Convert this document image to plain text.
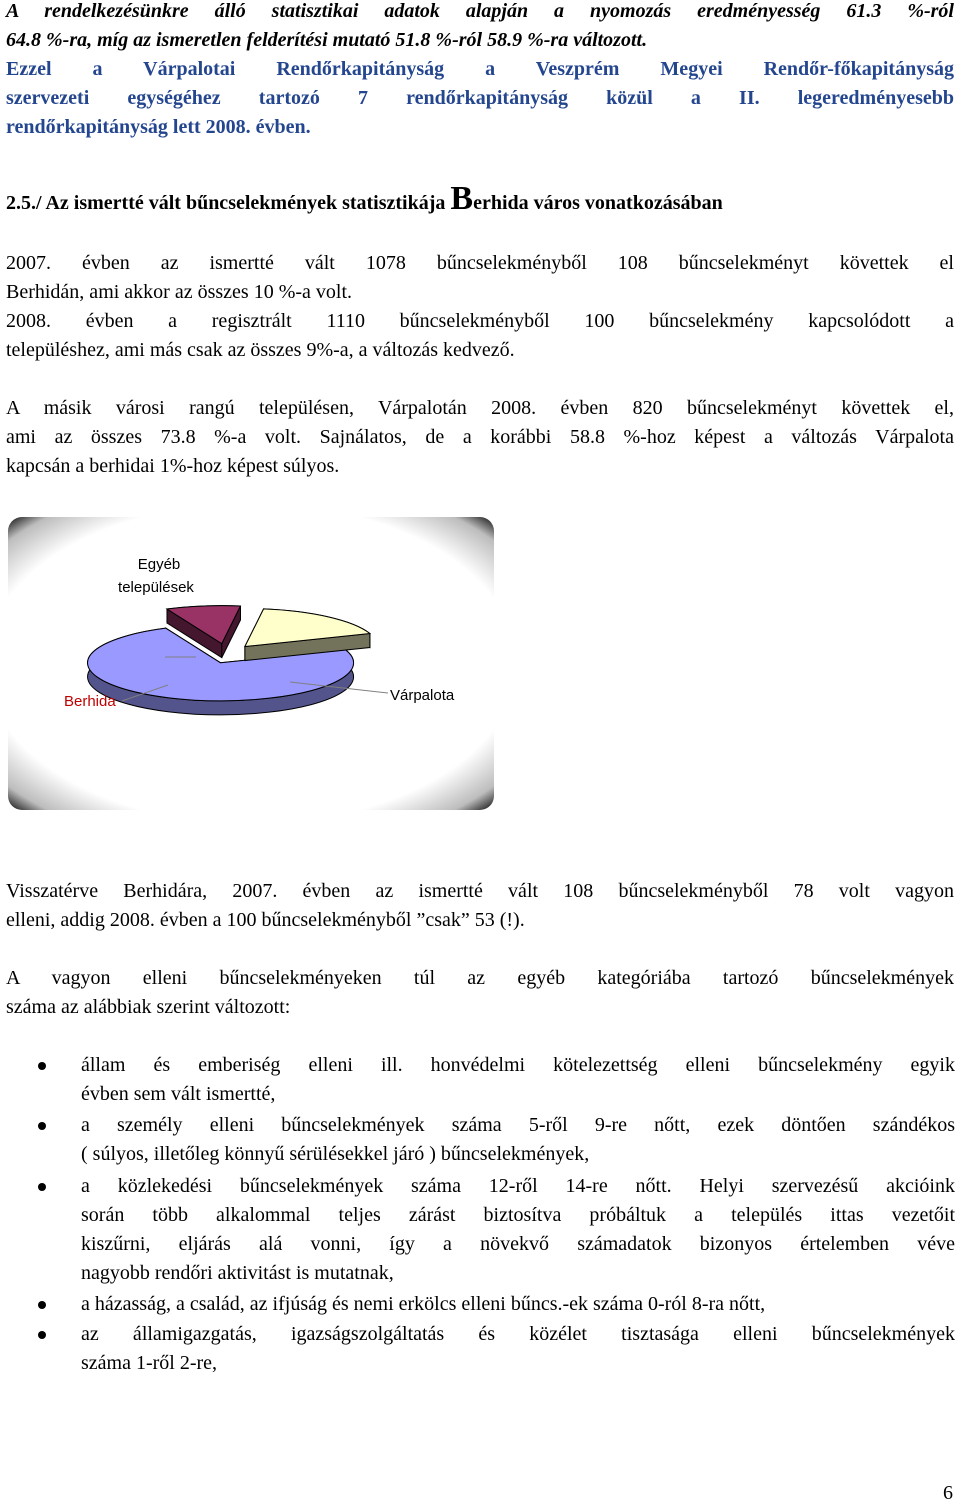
A rendelkezésünkre álló statisztikai adatok alapján a nyomozás eredményesség 61.3 %-ról
64.8 %-ra, míg az ismeretlen felderítési mutató 51.8 %-ról 58.9 %-ra változott.
Ezzel a Várpalotai Rendőrkapitányság a Veszprém Megyei Rendőr-főkapitányság
szervezeti egységéhez tartozó 7 rendőrkapitányság közül a II. legeredményesebb
rendőrkapitányság lett 2008. évben.
2.5./ Az ismertté vált bűncselekmények statisztikája Berhida város vonatkozásában
2007. évben az ismertté vált 1078 bűncselekményből 108 bűncselekményt követtek el
Berhidán, ami akkor az összes 10 %-a volt.
2008. évben a regisztrált 1110 bűncselekményből 100 bűncselekmény kapcsolódott a
településhez, ami más csak az összes 9%-a, a változás kedvező.
A másik városi rangú településen, Várpalotán 2008. évben 820 bűncselekményt követtek el,
ami az összes 73.8 %-a volt. Sajnálatos, de a korábbi 58.8 %-hoz képest a változás Várpalota
kapcsán a berhidai 1%-hoz képest súlyos.
Egyéb
települések
Berhida	Várpalota
Visszatérve Berhidára, 2007. évben az ismertté vált 108 bűncselekményből 78 volt vagyon
elleni, addig 2008. évben a 100 bűncselekményből ”csak” 53 (!).
A vagyon elleni bűncselekményeken túl az egyéb kategóriába tartozó bűncselekmények
száma az alábbiak szerint változott:
állam és emberiség elleni ill. honvédelmi kötelezettség elleni bűncselekmény egyik
évben sem vált ismertté,
a személy elleni bűncselekmények száma 5-ről 9-re nőtt, ezek döntően szándékos
( súlyos, illetőleg könnyű sérülésekkel járó ) bűncselekmények,
a közlekedési bűncselekmények száma 12-ről 14-re nőtt. Helyi szervezésű akcióink
során több alkalommal teljes zárást biztosítva próbáltuk a település ittas vezetőit
kiszűrni, eljárás alá vonni, így a növekvő számadatok bizonyos értelemben véve
nagyobb rendőri aktivitást is mutatnak,
a házasság, a család, az ifjúság és nemi erkölcs elleni bűncs.-ek száma 0-ról 8-ra nőtt,
az államigazgatás, igazságszolgáltatás és közélet tisztasága elleni bűncselekmények
száma 1-ről 2-re,
6
